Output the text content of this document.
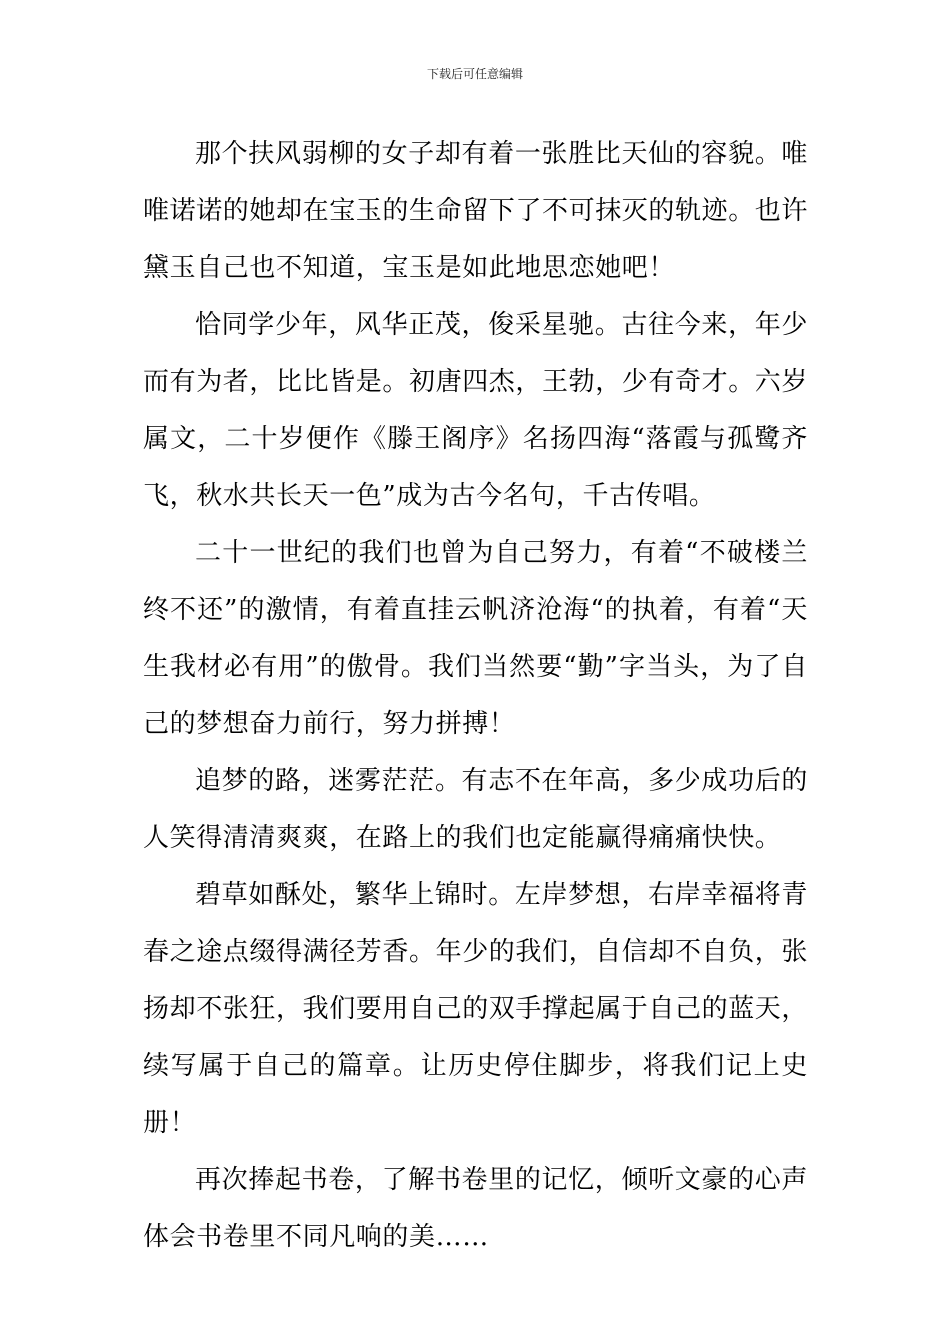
下载后可任意编辑

那个扶风弱柳的女子却有着一张胜比天仙的容貌。唯唯诺诺的她却在宝玉的生命留下了不可抹灭的轨迹。也许黛玉自己也不知道，宝玉是如此地思恋她吧！

恰同学少年，风华正茂，俊采星驰。古往今来，年少而有为者，比比皆是。初唐四杰，王勃，少有奇才。六岁属文，二十岁便作《滕王阁序》名扬四海“落霞与孤鹭齐飞，秋水共长天一色”成为古今名句，千古传唱。

二十一世纪的我们也曾为自己努力，有着“不破楼兰终不还”的激情，有着直挂云帆济沧海“的执着，有着“天生我材必有用”的傲骨。我们当然要“勤”字当头，为了自己的梦想奋力前行，努力拼搏！

追梦的路，迷雾茫茫。有志不在年高，多少成功后的人笑得清清爽爽，在路上的我们也定能赢得痛痛快快。

碧草如酥处，繁华上锦时。左岸梦想，右岸幸福将青春之途点缀得满径芳香。年少的我们，自信却不自负，张扬却不张狂，我们要用自己的双手撑起属于自己的蓝天，续写属于自己的篇章。让历史停住脚步，将我们记上史册！

再次捧起书卷，了解书卷里的记忆，倾听文豪的心声体会书卷里不同凡响的美……
